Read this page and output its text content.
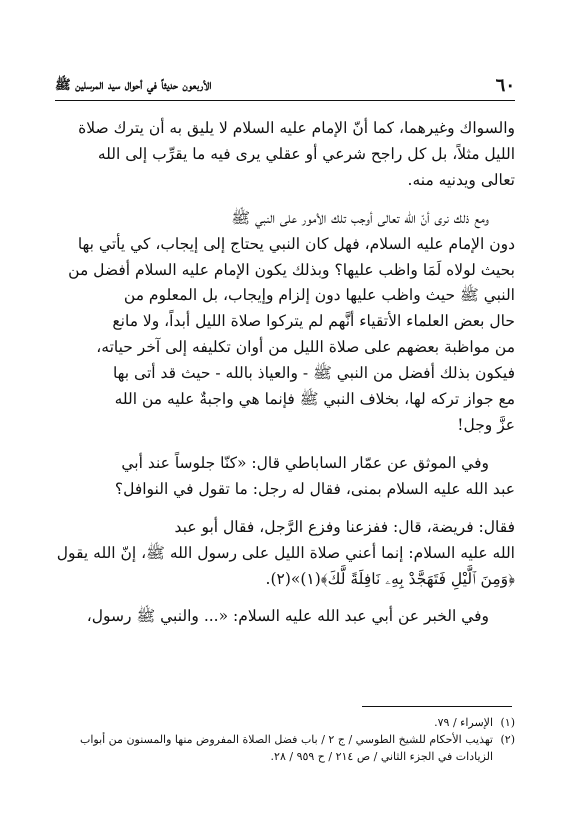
٦٠
الأربعون حديثاً في أحوال سيد المرسلين ﷺ

والسواك وغيرهما، كما أنّ الإمام عليه السلام لا يليق به أن يترك صلاة

الليل مثلاً، بل كل راجح شرعي أو عقلي يرى فيه ما يقرِّب إلى الله

تعالى ويدنيه منه.

ومع ذلك نرى أنّ الله تعالى أوجب تلك الأمور على النبي ﷺ

دون الإمام عليه السلام، فهل كان النبي يحتاج إلى إيجاب، كي يأتي بها

بحيث لولاه لَمَا واظب عليها؟ وبذلك يكون الإمام عليه السلام أفضل من

النبي ﷺ حيث واظب عليها دون إلزام وإيجاب، بل المعلوم من

حال بعض العلماء الأتقياء أنَّهم لم يتركوا صلاة الليل أبداً، ولا مانع

من مواظبة بعضهم على صلاة الليل من أوان تكليفه إلى آخر حياته،

فيكون بذلك أفضل من النبي ﷺ - والعياذ بالله - حيث قد أتى بها

مع جواز تركه لها، بخلاف النبي ﷺ فإنما هي واجبةٌ عليه من الله

عزَّ وجل!

وفي الموثق عن عمّار الساباطي قال: «كنّا جلوساً عند أبي

عبد الله عليه السلام بمنى، فقال له رجل: ما تقول في النوافل؟

فقال: فريضة، قال: ففزعنا وفزع الرَّجل، فقال أبو عبد

الله عليه السلام: إنما أعني صلاة الليل على رسول الله ﷺ، إنّ الله يقول

﴿وَمِنَ ٱلَّيْلِ فَتَهَجَّدْ بِهِۦ نَافِلَةً لَّكَ﴾(١)»(٢).

وفي الخبر عن أبي عبد الله عليه السلام: «... والنبي ﷺ رسول،

(١)الإسراء / ٧٩.

(٢)تهذيب الأحكام للشيخ الطوسي / ج ٢ / باب فضل الصلاة المفروض منها والمسنون من أبواب

الزيادات في الجزء الثاني / ص ٢١٤ / ح ٩٥٩ / ٢٨.
